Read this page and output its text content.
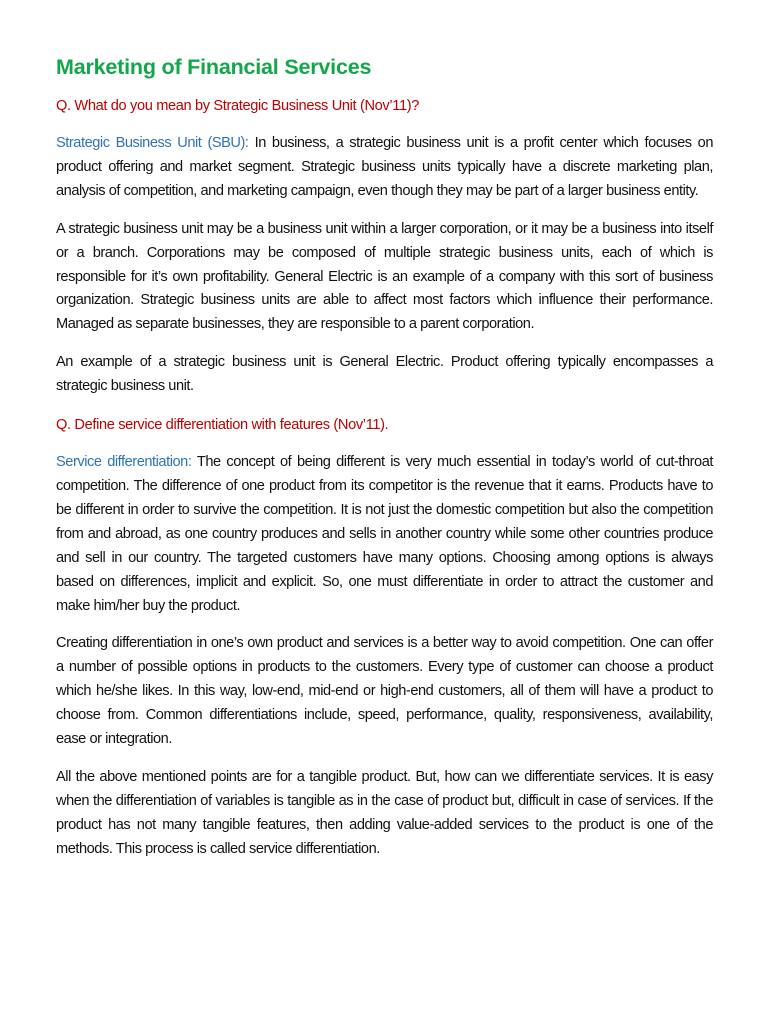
Marketing of Financial Services

Q. What do you mean by Strategic Business Unit (Nov’11)?

Strategic Business Unit (SBU): In business, a strategic business unit is a profit center which focuses on product offering and market segment. Strategic business units typically have a discrete marketing plan, analysis of competition, and marketing campaign, even though they may be part of a larger business entity.

A strategic business unit may be a business unit within a larger corporation, or it may be a business into itself or a branch. Corporations may be composed of multiple strategic business units, each of which is responsible for it’s own profitability. General Electric is an example of a company with this sort of business organization. Strategic business units are able to affect most factors which influence their performance. Managed as separate businesses, they are responsible to a parent corporation.

An example of a strategic business unit is General Electric. Product offering typically encompasses a strategic business unit.

Q. Define service differentiation with features (Nov’11).

Service differentiation: The concept of being different is very much essential in today’s world of cut-throat competition. The difference of one product from its competitor is the revenue that it earns. Products have to be different in order to survive the competition. It is not just the domestic competition but also the competition from and abroad, as one country produces and sells in another country while some other countries produce and sell in our country. The targeted customers have many options. Choosing among options is always based on differences, implicit and explicit. So, one must differentiate in order to attract the customer and make him/her buy the product.

Creating differentiation in one’s own product and services is a better way to avoid competition. One can offer a number of possible options in products to the customers. Every type of customer can choose a product which he/she likes. In this way, low-end, mid-end or high-end customers, all of them will have a product to choose from. Common differentiations include, speed, performance, quality, responsiveness, availability, ease or integration.

All the above mentioned points are for a tangible product. But, how can we differentiate services. It is easy when the differentiation of variables is tangible as in the case of product but, difficult in case of services. If the product has not many tangible features, then adding value-added services to the product is one of the methods. This process is called service differentiation.
